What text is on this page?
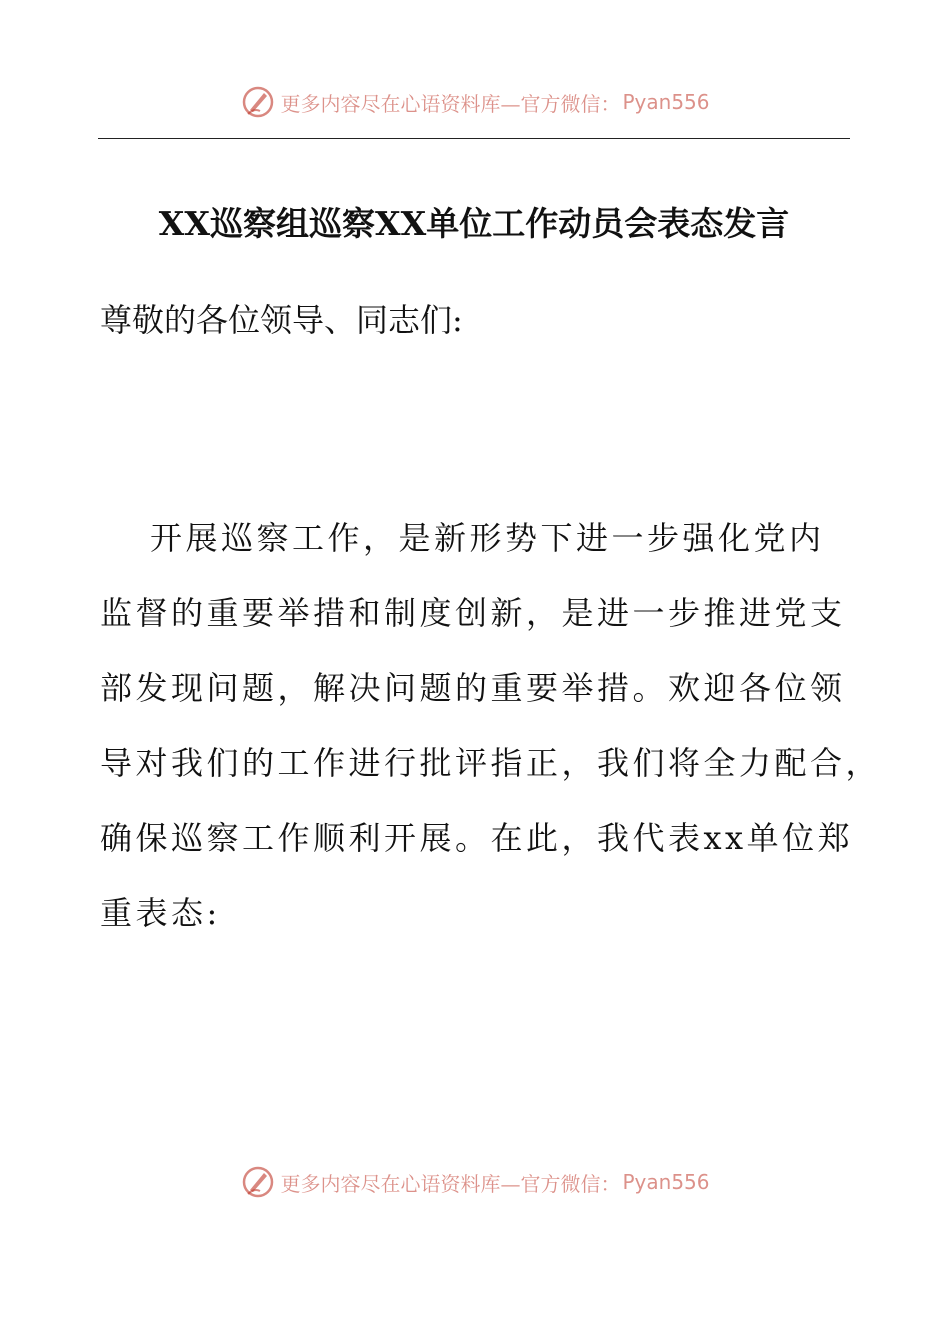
更多内容尽在心语资料库—官方微信： Pyan556
XX巡察组巡察XX单位工作动员会表态发言
尊敬的各位领导、同志们:
开展巡察工作，是新形势下进一步强化党内
监督的重要举措和制度创新，是进一步推进党支
部发现问题，解决问题的重要举措。欢迎各位领
导对我们的工作进行批评指正，我们将全力配合，
确保巡察工作顺利开展。在此，我代表xx单位郑
重表态:
更多内容尽在心语资料库—官方微信： Pyan556
